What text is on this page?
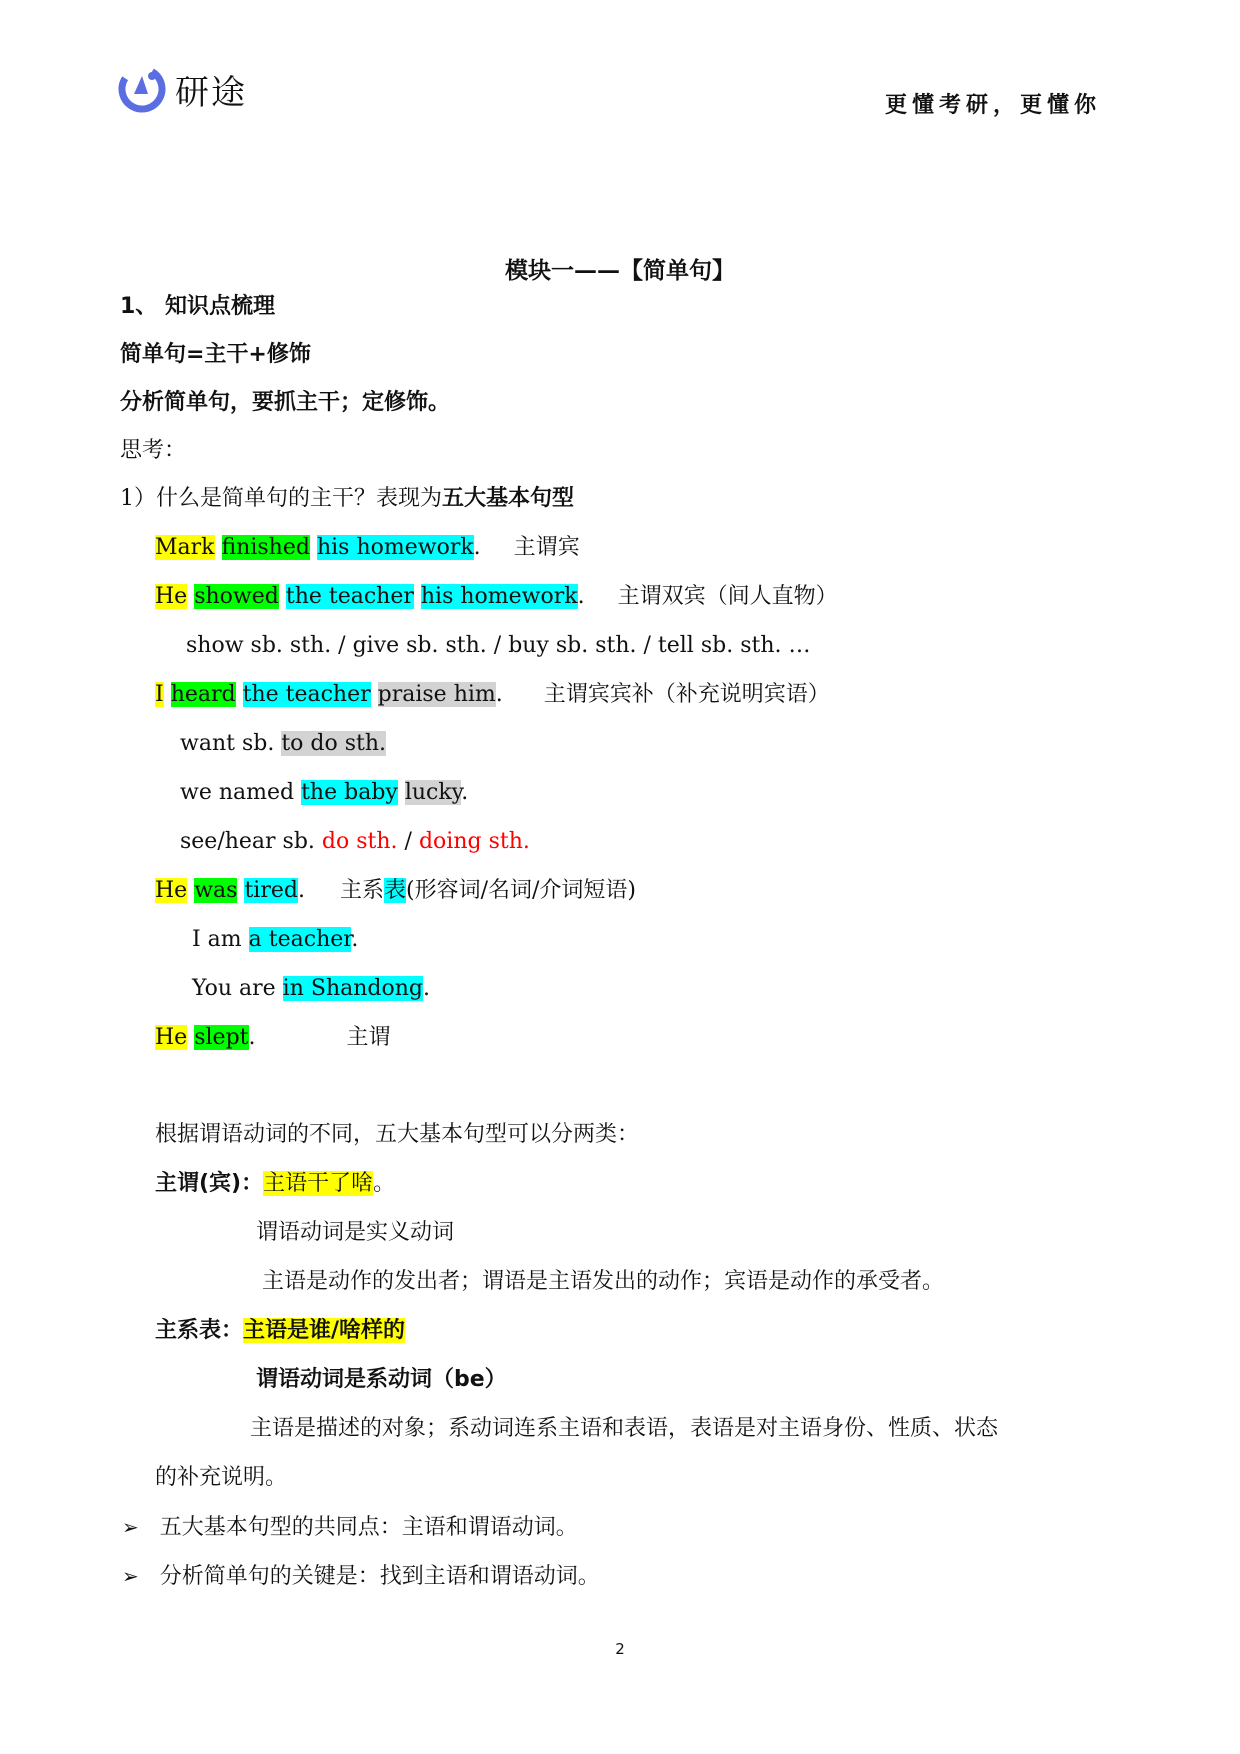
研途	更懂考研，更懂你
模块一——【简单句】
1、 知识点梳理
简单句=主干+修饰
分析简单句，要抓主干；定修饰。
思考：
1）什么是简单句的主干？表现为五大基本句型
Mark finished his homework. 主谓宾
He showed the teacher his homework. 主谓双宾（间人直物）
show sb. sth. / give sb. sth. / buy sb. sth. / tell sb. sth. …
I heard the teacher praise him. 主谓宾宾补（补充说明宾语）
want sb. to do sth.
we named the baby lucky.
see/hear sb. do sth. / doing sth.
He was tired. 主系表(形容词/名词/介词短语)
I am a teacher.
You are in Shandong.
He slept.	主谓
根据谓语动词的不同，五大基本句型可以分两类：
主谓(宾)：主语干了啥。
谓语动词是实义动词
主语是动作的发出者；谓语是主语发出的动作；宾语是动作的承受者。
主系表：主语是谁/啥样的
谓语动词是系动词（be）
主语是描述的对象；系动词连系主语和表语，表语是对主语身份、性质、状态
的补充说明。
➢ 五大基本句型的共同点：主语和谓语动词。
➢ 分析简单句的关键是：找到主语和谓语动词。
2
